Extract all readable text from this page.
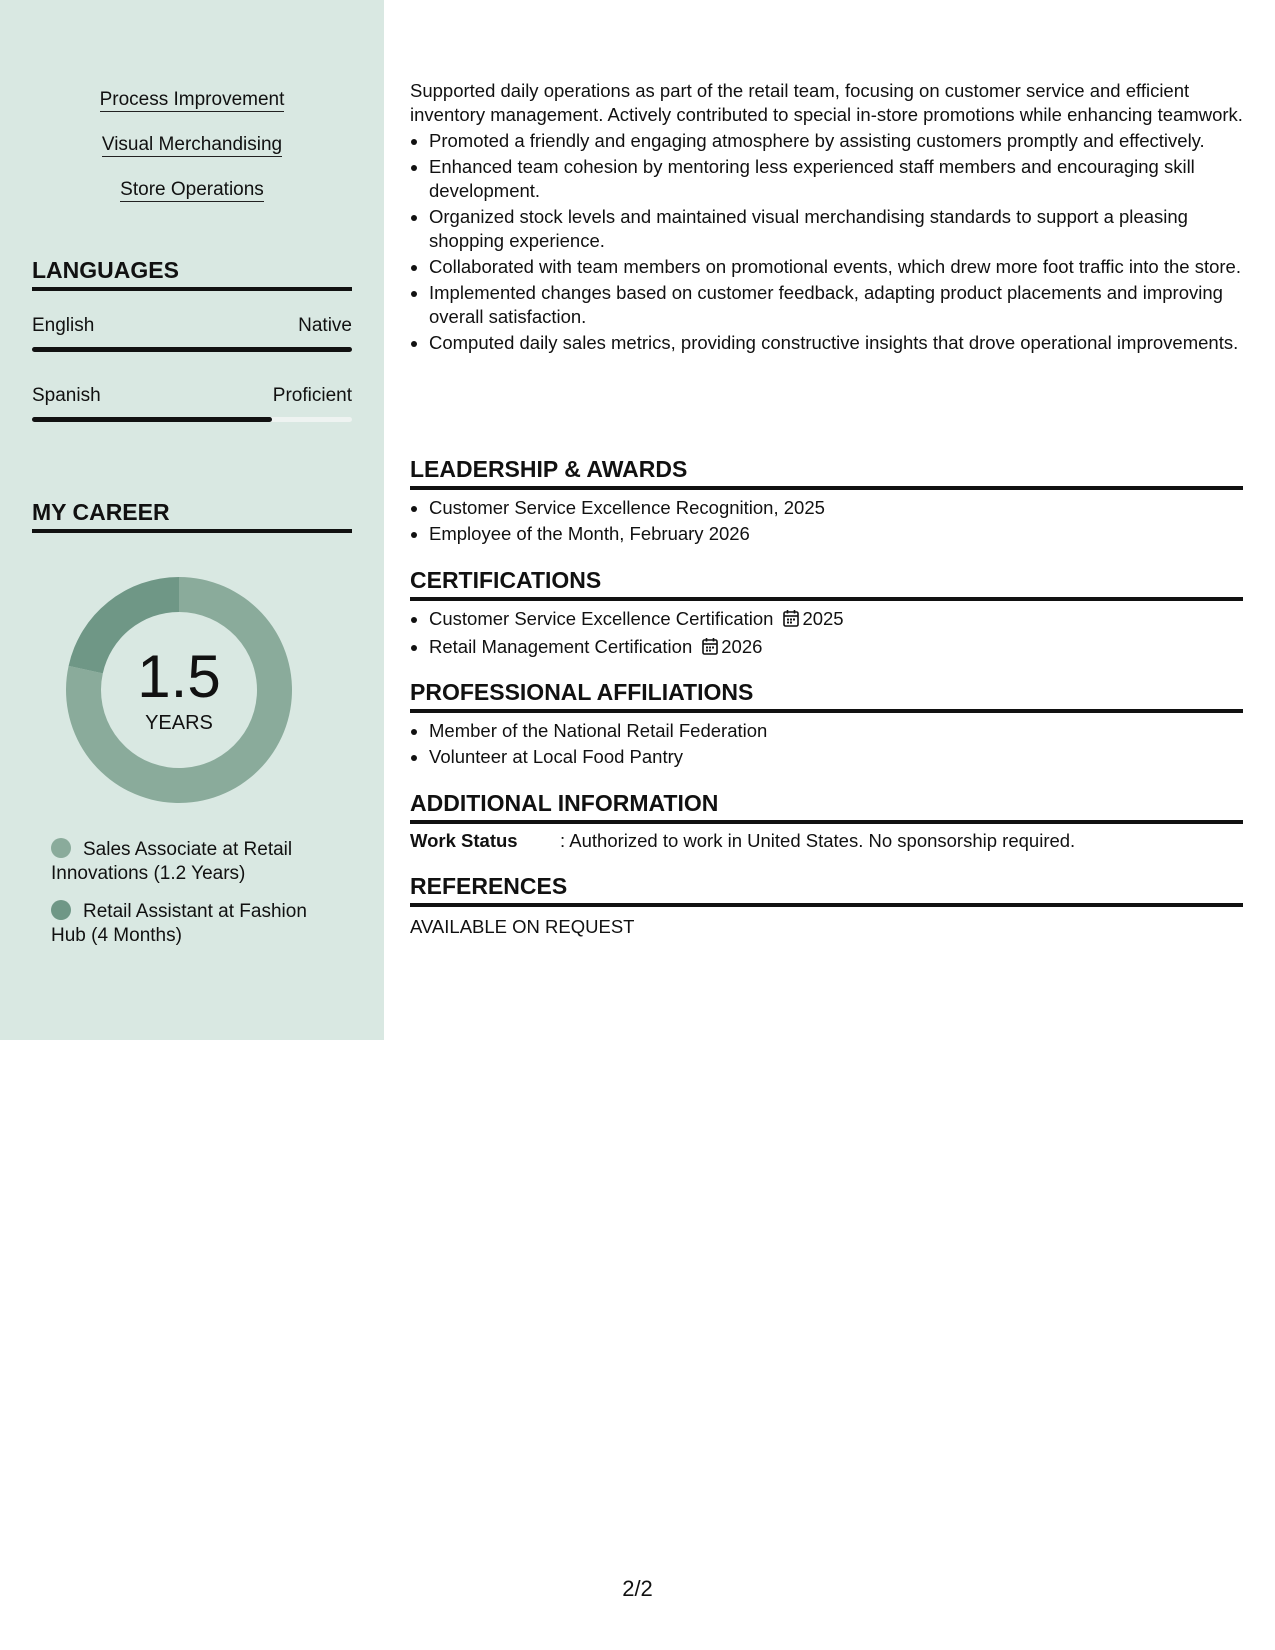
Process Improvement
Visual Merchandising
Store Operations
LANGUAGES
English	Native
Spanish	Proficient
MY CAREER
1.5
YEARS
Sales Associate at Retail Innovations (1.2 Years)
Retail Assistant at Fashion Hub (4 Months)
Supported daily operations as part of the retail team, focusing on customer service and efficient inventory management. Actively contributed to special in-store promotions while enhancing teamwork.
• Promoted a friendly and engaging atmosphere by assisting customers promptly and effectively.
• Enhanced team cohesion by mentoring less experienced staff members and encouraging skill development.
• Organized stock levels and maintained visual merchandising standards to support a pleasing shopping experience.
• Collaborated with team members on promotional events, which drew more foot traffic into the store.
• Implemented changes based on customer feedback, adapting product placements and improving overall satisfaction.
• Computed daily sales metrics, providing constructive insights that drove operational improvements.
LEADERSHIP & AWARDS
• Customer Service Excellence Recognition, 2025
• Employee of the Month, February 2026
CERTIFICATIONS
• Customer Service Excellence Certification 2025
• Retail Management Certification 2026
PROFESSIONAL AFFILIATIONS
• Member of the National Retail Federation
• Volunteer at Local Food Pantry
ADDITIONAL INFORMATION
Work Status : Authorized to work in United States. No sponsorship required.
REFERENCES
AVAILABLE ON REQUEST
2/2
